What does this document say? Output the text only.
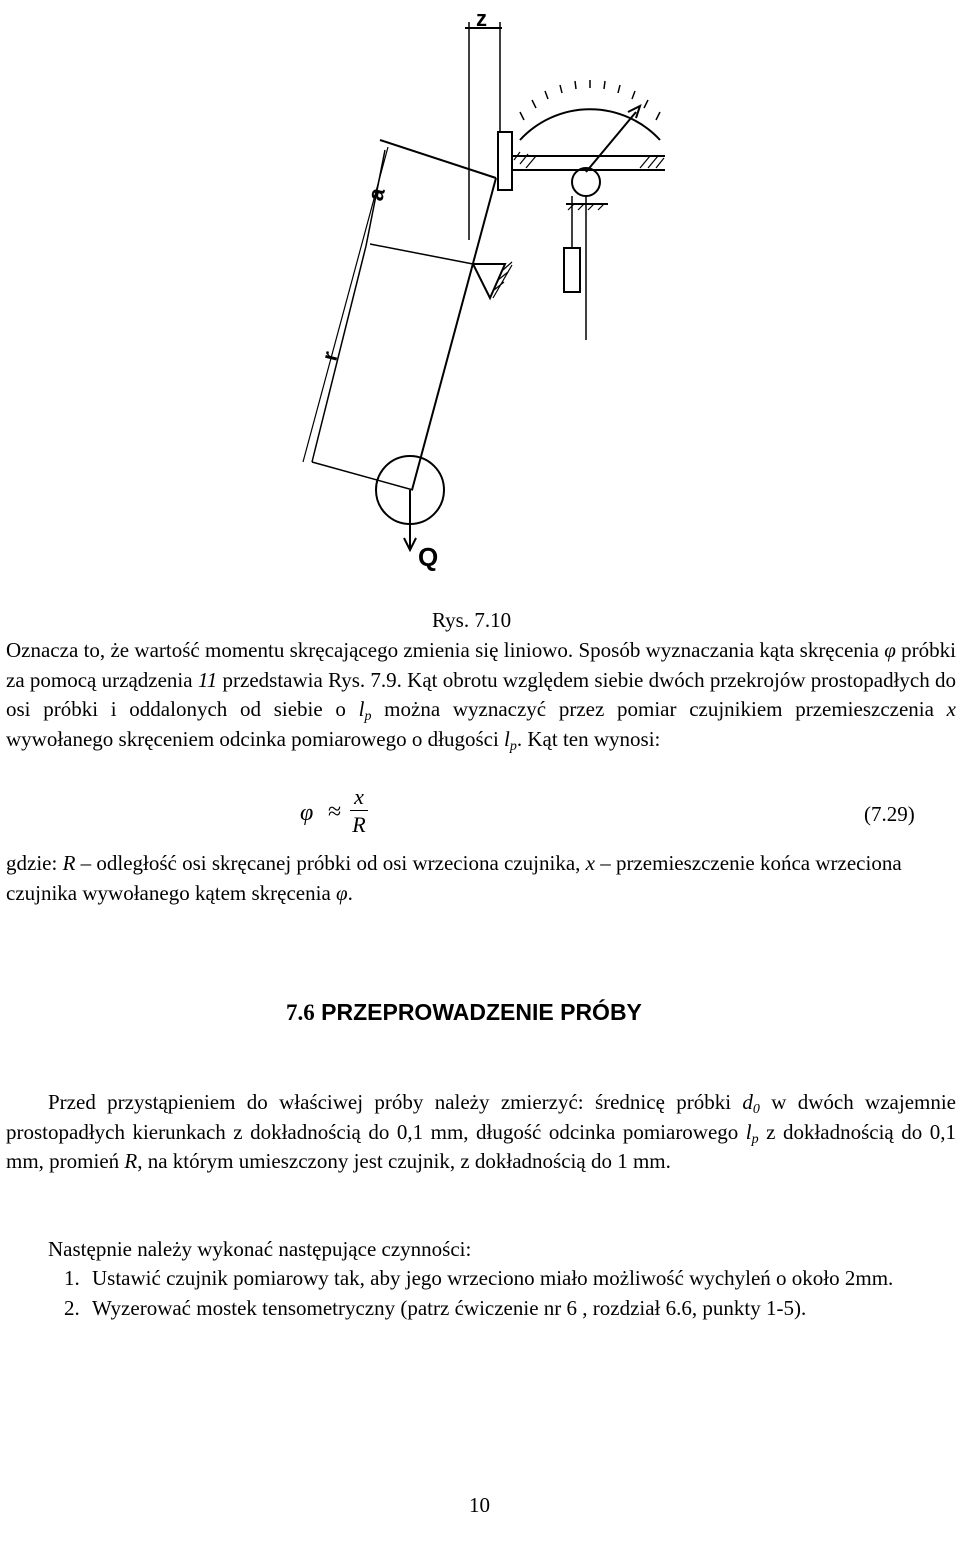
z
a
r
Q
Rys. 7.10

Oznacza to, że wartość momentu skręcającego zmienia się liniowo. Sposób wyznaczania kąta skręcenia φ próbki za pomocą urządzenia 11 przedstawia Rys. 7.9. Kąt obrotu względem siebie dwóch przekrojów prostopadłych do osi próbki i oddalonych od siebie o $l_p$ można wyznaczyć przez pomiar czujnikiem przemieszczenia x wywołanego skręceniem odcinka pomiarowego o długości $l_p$. Kąt ten wynosi:

φ ≈
x
R	(7.29)

gdzie: R – odległość osi skręcanej próbki od osi wrzeciona czujnika, x – przemieszczenie końca wrzeciona czujnika wywołanego kątem skręcenia φ.

7.6 PRZEPROWADZENIE PRÓBY

Przed przystąpieniem do właściwej próby należy zmierzyć: średnicę próbki $d_0$ w dwóch wzajemnie prostopadłych kierunkach z dokładnością do 0,1 mm, długość odcinka pomiarowego $l_p$ z dokładnością do 0,1 mm, promień R, na którym umieszczony jest czujnik, z dokładnością do 1 mm.

Następnie należy wykonać następujące czynności:

1. Ustawić czujnik pomiarowy tak, aby jego wrzeciono miało możliwość wychyleń o około 2mm.
2. Wyzerować mostek tensometryczny (patrz ćwiczenie nr 6 , rozdział 6.6, punkty 1-5).
10
